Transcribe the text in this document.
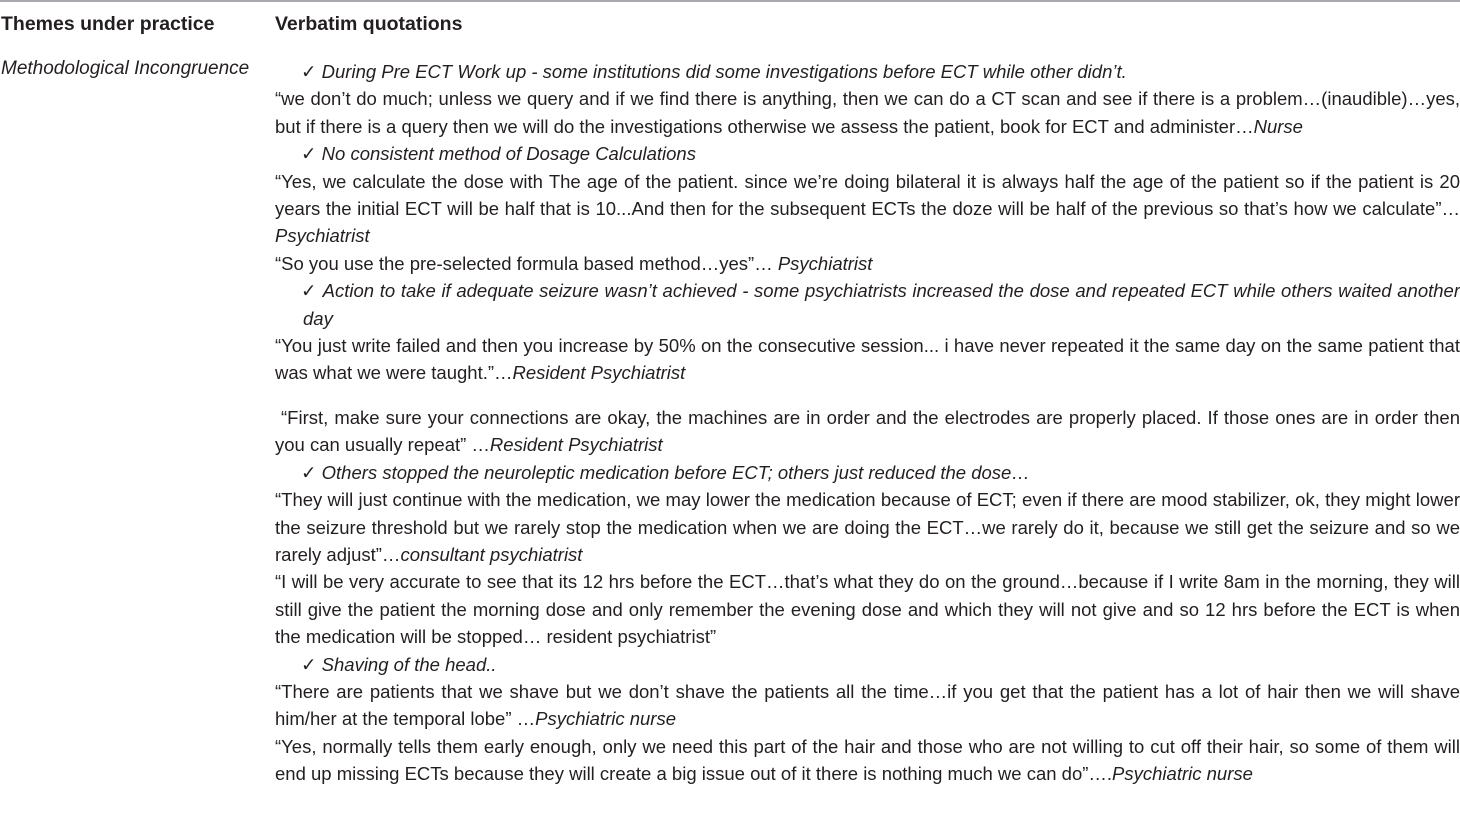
Themes under practice	Verbatim quotations
Methodological Incongruence	✓ During Pre ECT Work up - some institutions did some investigations before ECT while other didn’t.

“we don’t do much; unless we query and if we find there is anything, then we can do a CT scan and see if there is a problem…(inaudible)…yes, but if there is a query then we will do the investigations otherwise we assess the patient, book for ECT and administer…Nurse

✓ No consistent method of Dosage Calculations

“Yes, we calculate the dose with The age of the patient. since we’re doing bilateral it is always half the age of the patient so if the patient is 20 years the initial ECT will be half that is 10...And then for the subsequent ECTs the doze will be half of the previous so that’s how we calculate”… Psychiatrist

“So you use the pre-selected formula based method…yes”… Psychiatrist

✓ Action to take if adequate seizure wasn’t achieved - some psychiatrists increased the dose and repeated ECT while others waited another day

“You just write failed and then you increase by 50% on the consecutive session... i have never repeated it the same day on the same patient that was what we were taught.”…Resident Psychiatrist

“First, make sure your connections are okay, the machines are in order and the electrodes are properly placed. If those ones are in order then you can usually repeat” …Resident Psychiatrist

✓ Others stopped the neuroleptic medication before ECT; others just reduced the dose…

“They will just continue with the medication, we may lower the medication because of ECT; even if there are mood stabilizer, ok, they might lower the seizure threshold but we rarely stop the medication when we are doing the ECT…we rarely do it, because we still get the seizure and so we rarely adjust”…consultant psychiatrist

“I will be very accurate to see that its 12 hrs before the ECT…that’s what they do on the ground…because if I write 8am in the morning, they will still give the patient the morning dose and only remember the evening dose and which they will not give and so 12 hrs before the ECT is when the medication will be stopped… resident psychiatrist”

✓ Shaving of the head..

“There are patients that we shave but we don’t shave the patients all the time…if you get that the patient has a lot of hair then we will shave him/her at the temporal lobe” …Psychiatric nurse

“Yes, normally tells them early enough, only we need this part of the hair and those who are not willing to cut off their hair, so some of them will end up missing ECTs because they will create a big issue out of it there is nothing much we can do”….Psychiatric nurse
